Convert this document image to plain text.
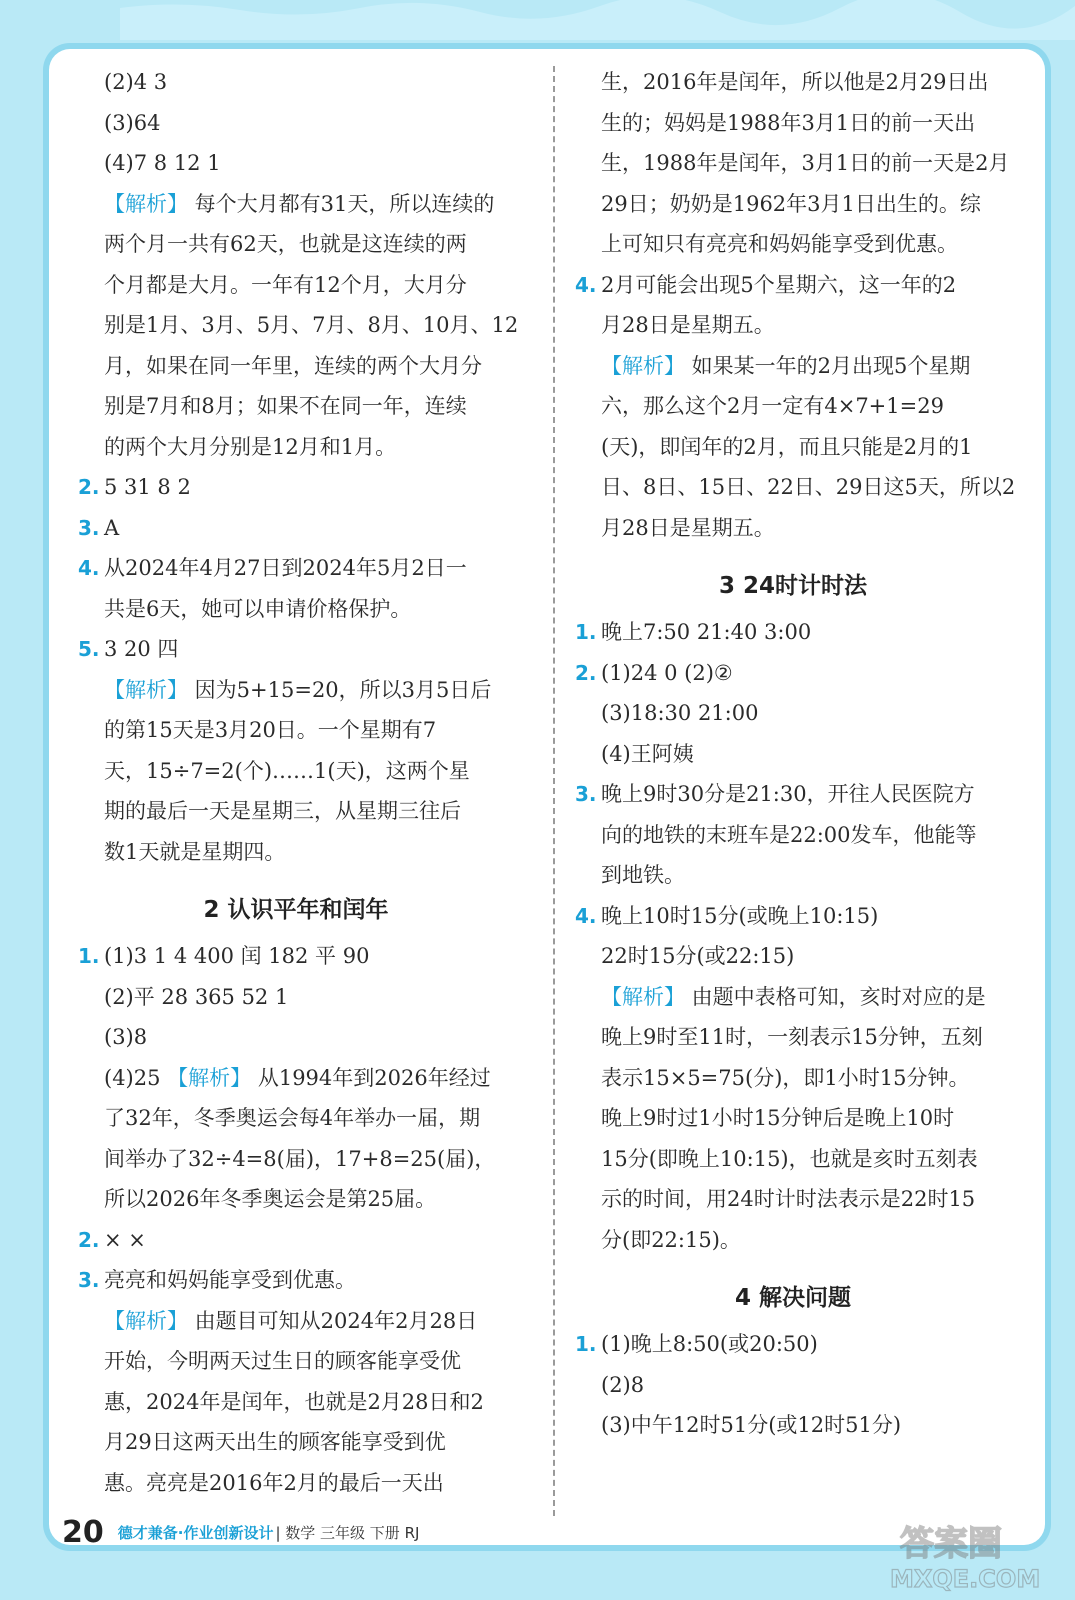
(2)4 3
(3)64
(4)7 8 12 1
【解析】 每个大月都有31天，所以连续的
两个月一共有62天，也就是这连续的两
个月都是大月。一年有12个月，大月分
别是1月、3月、5月、7月、8月、10月、12
月，如果在同一年里，连续的两个大月分
别是7月和8月；如果不在同一年，连续
的两个大月分别是12月和1月。
2. 5 31 8 2
3. A
4. 从2024年4月27日到2024年5月2日一
共是6天，她可以申请价格保护。
5. 3 20 四
【解析】 因为5+15=20，所以3月5日后
的第15天是3月20日。一个星期有7
天，15÷7=2(个)……1(天)，这两个星
期的最后一天是星期三，从星期三往后
数1天就是星期四。
2 认识平年和闰年
1. (1)3 1 4 400 闰 182 平 90
(2)平 28 365 52 1
(3)8
(4)25 【解析】 从1994年到2026年经过
了32年，冬季奥运会每4年举办一届，期
间举办了32÷4=8(届)，17+8=25(届)，
所以2026年冬季奥运会是第25届。
2. × ×
3. 亮亮和妈妈能享受到优惠。
【解析】 由题目可知从2024年2月28日
开始，今明两天过生日的顾客能享受优
惠，2024年是闰年，也就是2月28日和2
月29日这两天出生的顾客能享受到优
惠。亮亮是2016年2月的最后一天出
生，2016年是闰年，所以他是2月29日出
生的；妈妈是1988年3月1日的前一天出
生，1988年是闰年，3月1日的前一天是2月
29日；奶奶是1962年3月1日出生的。综
上可知只有亮亮和妈妈能享受到优惠。
4. 2月可能会出现5个星期六，这一年的2
月28日是星期五。
【解析】 如果某一年的2月出现5个星期
六，那么这个2月一定有4×7+1=29
(天)，即闰年的2月，而且只能是2月的1
日、8日、15日、22日、29日这5天，所以2
月28日是星期五。
3 24时计时法
1. 晚上7:50 21:40 3:00
2. (1)24 0 (2)②
(3)18:30 21:00
(4)王阿姨
3. 晚上9时30分是21:30，开往人民医院方
向的地铁的末班车是22:00发车，他能等
到地铁。
4. 晚上10时15分(或晚上10:15)
22时15分(或22:15)
【解析】 由题中表格可知，亥时对应的是
晚上9时至11时，一刻表示15分钟，五刻
表示15×5=75(分)，即1小时15分钟。
晚上9时过1小时15分钟后是晚上10时
15分(即晚上10:15)，也就是亥时五刻表
示的时间，用24时计时法表示是22时15
分(即22:15)。
4 解决问题
1. (1)晚上8:50(或20:50)
(2)8
(3)中午12时51分(或12时51分)
20 德才兼备·作业创新设计 | 数学 三年级 下册 RJ	答案圈
MXQE.COM
